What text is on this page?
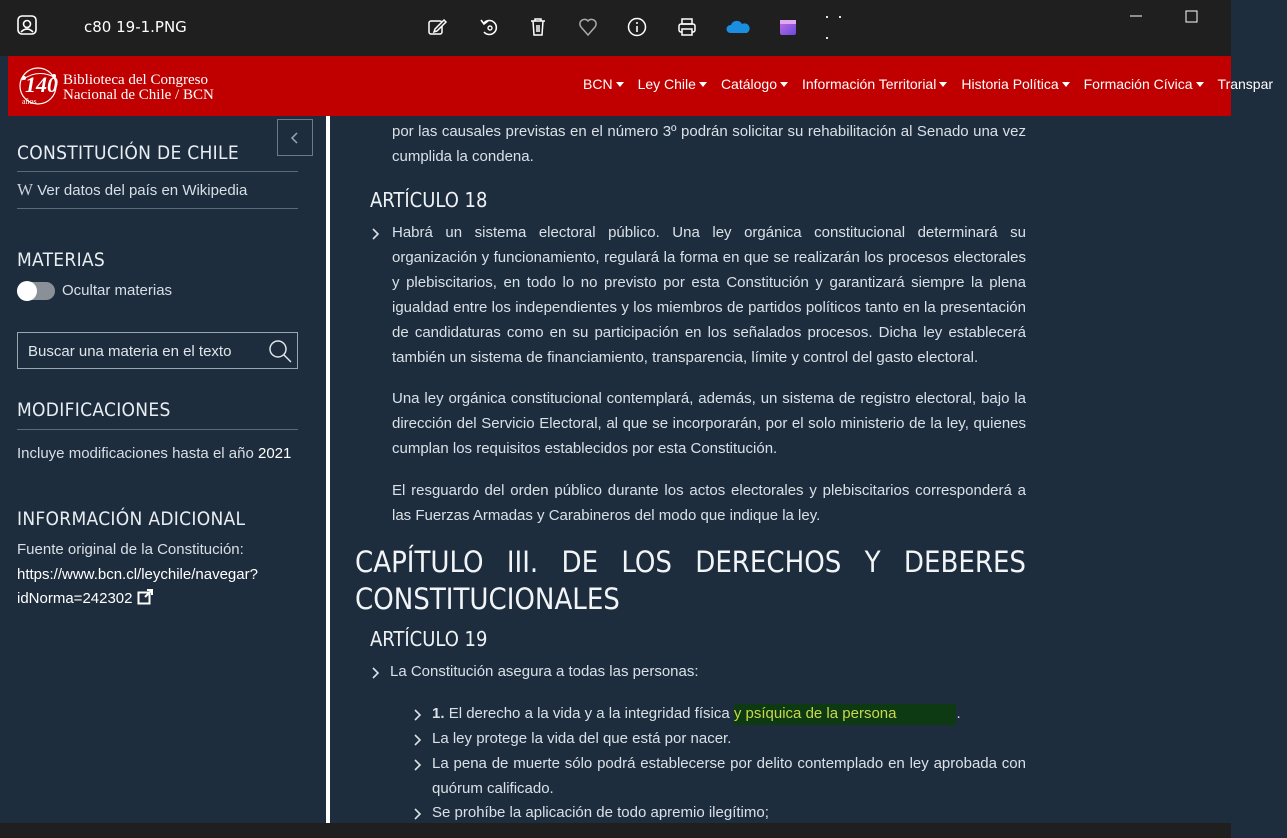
c80 19-1.PNG
· · ·
140
años
Biblioteca del Congreso
Nacional de Chile / BCN
BCN Ley Chile Catálogo Información Territorial Historia Política Formación Cívica Transpar
CONSTITUCIÓN DE CHILE
W Ver datos del país en Wikipedia
MATERIAS
Ocultar materias
Buscar una materia en el texto
MODIFICACIONES
Incluye modificaciones hasta el año 2021
INFORMACIÓN ADICIONAL
Fuente original de la Constitución:
https://www.bcn.cl/leychile/navegar?
idNorma=242302
por las causales previstas en el número 3º podrán solicitar su rehabilitación al Senado una vez cumplida la condena.
ARTÍCULO 18
Habrá un sistema electoral público. Una ley orgánica constitucional determinará su organización y funcionamiento, regulará la forma en que se realizarán los procesos electorales y plebiscitarios, en todo lo no previsto por esta Constitución y garantizará siempre la plena igualdad entre los independientes y los miembros de partidos políticos tanto en la presentación de candidaturas como en su participación en los señalados procesos. Dicha ley establecerá también un sistema de financiamiento, transparencia, límite y control del gasto electoral.
Una ley orgánica constitucional contemplará, además, un sistema de registro electoral, bajo la dirección del Servicio Electoral, al que se incorporarán, por el solo ministerio de la ley, quienes cumplan los requisitos establecidos por esta Constitución.
El resguardo del orden público durante los actos electorales y plebiscitarios corresponderá a las Fuerzas Armadas y Carabineros del modo que indique la ley.
CAPÍTULO III. DE LOS DERECHOS Y DEBERES
CONSTITUCIONALES
ARTÍCULO 19
La Constitución asegura a todas las personas:
1. El derecho a la vida y a la integridad física y psíquica de la persona	.
La ley protege la vida del que está por nacer.
La pena de muerte sólo podrá establecerse por delito contemplado en ley aprobada con quórum calificado.
Se prohíbe la aplicación de todo apremio ilegítimo;
